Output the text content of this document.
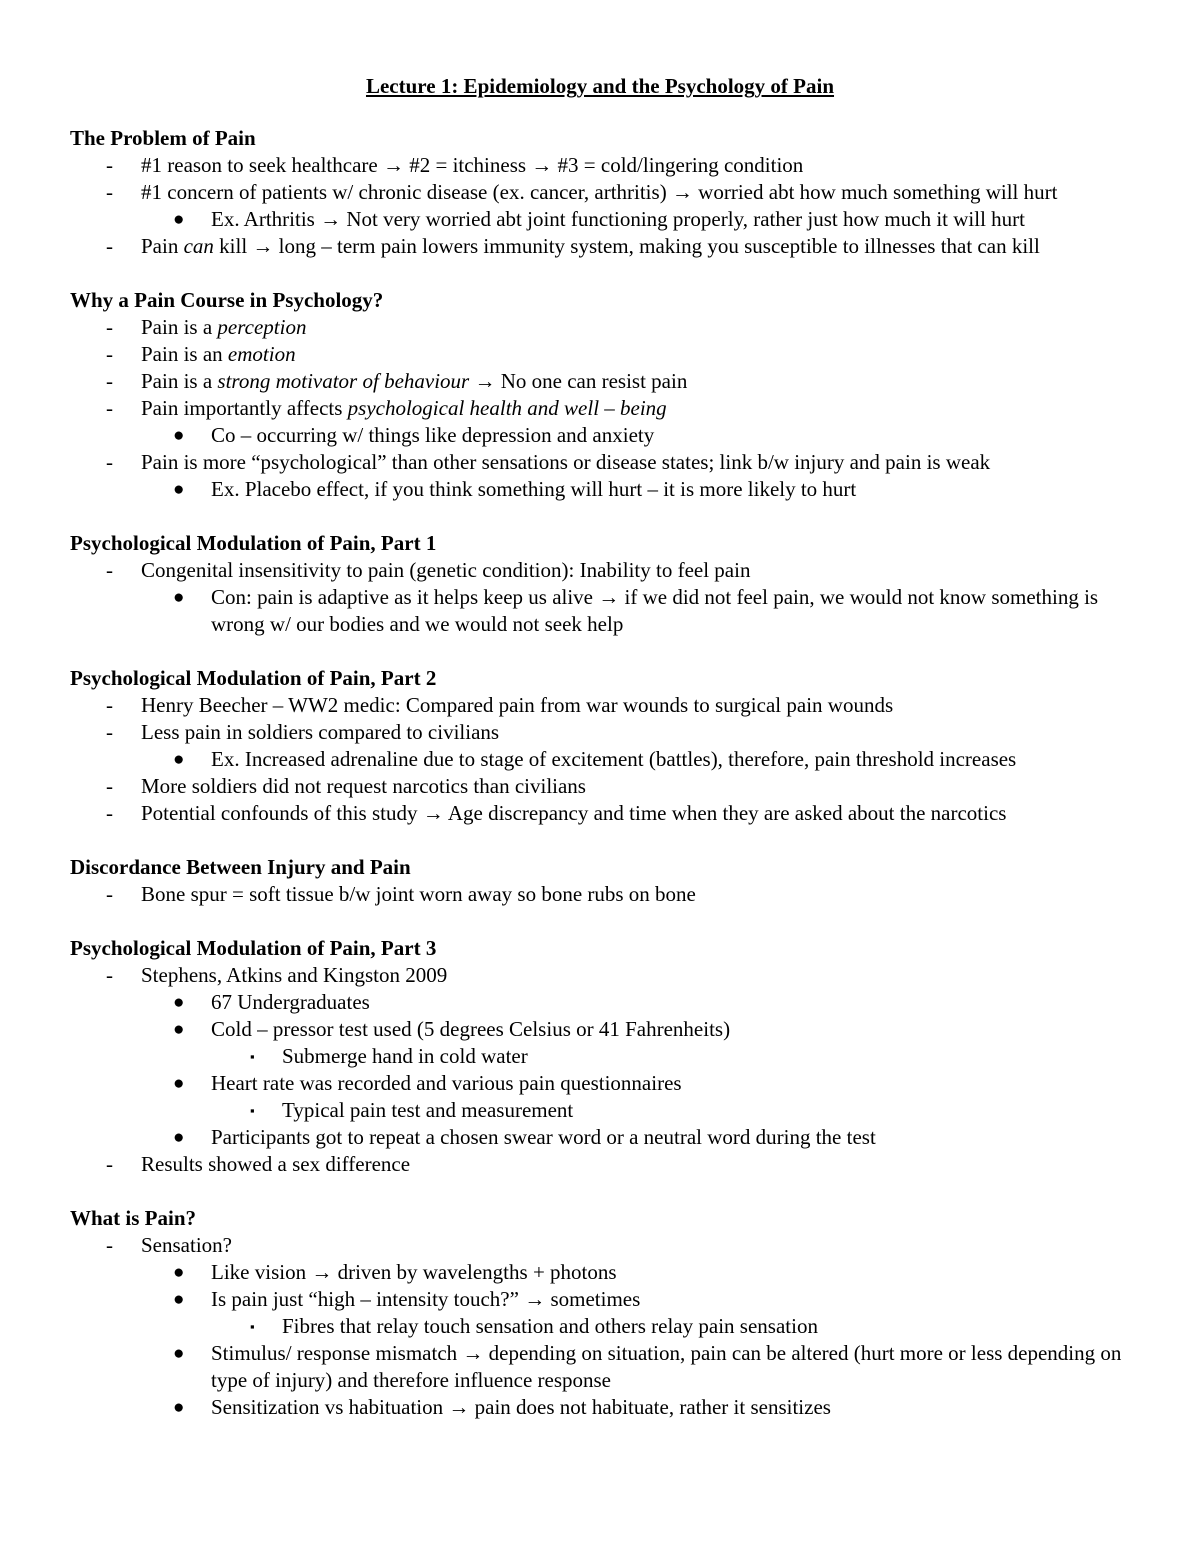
Lecture 1: Epidemiology and the Psychology of Pain
The Problem of Pain
- #1 reason to seek healthcare → #2 = itchiness → #3 = cold/lingering condition
- #1 concern of patients w/ chronic disease (ex. cancer, arthritis) → worried abt how much something will hurt
● Ex. Arthritis → Not very worried abt joint functioning properly, rather just how much it will hurt
- Pain can kill → long – term pain lowers immunity system, making you susceptible to illnesses that can kill
Why a Pain Course in Psychology?
- Pain is a perception
- Pain is an emotion
- Pain is a strong motivator of behaviour → No one can resist pain
- Pain importantly affects psychological health and well – being
● Co – occurring w/ things like depression and anxiety
- Pain is more “psychological” than other sensations or disease states; link b/w injury and pain is weak
● Ex. Placebo effect, if you think something will hurt – it is more likely to hurt
Psychological Modulation of Pain, Part 1
- Congenital insensitivity to pain (genetic condition): Inability to feel pain
● Con: pain is adaptive as it helps keep us alive → if we did not feel pain, we would not know something is wrong w/ our bodies and we would not seek help
Psychological Modulation of Pain, Part 2
- Henry Beecher – WW2 medic: Compared pain from war wounds to surgical pain wounds
- Less pain in soldiers compared to civilians
● Ex. Increased adrenaline due to stage of excitement (battles), therefore, pain threshold increases
- More soldiers did not request narcotics than civilians
- Potential confounds of this study → Age discrepancy and time when they are asked about the narcotics
Discordance Between Injury and Pain
- Bone spur = soft tissue b/w joint worn away so bone rubs on bone
Psychological Modulation of Pain, Part 3
- Stephens, Atkins and Kingston 2009
● 67 Undergraduates
● Cold – pressor test used (5 degrees Celsius or 41 Fahrenheits)
▪ Submerge hand in cold water
● Heart rate was recorded and various pain questionnaires
▪ Typical pain test and measurement
● Participants got to repeat a chosen swear word or a neutral word during the test
- Results showed a sex difference
What is Pain?
- Sensation?
● Like vision → driven by wavelengths + photons
● Is pain just “high – intensity touch?” → sometimes
▪ Fibres that relay touch sensation and others relay pain sensation
● Stimulus/ response mismatch → depending on situation, pain can be altered (hurt more or less depending on type of injury) and therefore influence response
● Sensitization vs habituation → pain does not habituate, rather it sensitizes
